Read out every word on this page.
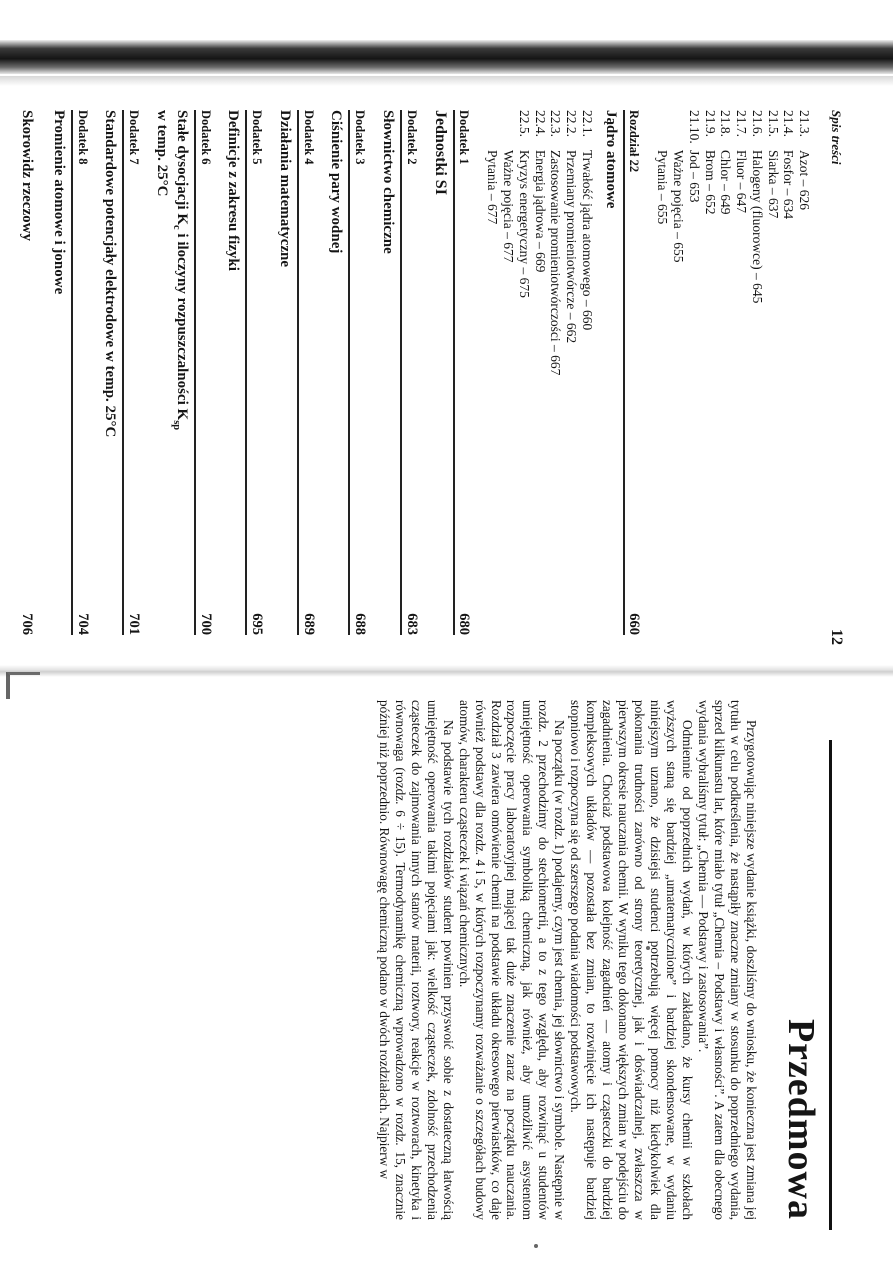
Spis treści
12
21.3.
Azot – 626
21.4.
Fosfor – 634
21.5.
Siarka – 637
21.6.
Halogeny (fluorowce) – 645
21.7.
Fluor – 647
21.8.
Chlor – 649
21.9.
Brom – 652
21.10.
Jod – 653
Ważne pojęcia – 655
Pytania – 655
Rozdział 22
660
Jądro atomowe
22.1.
Trwałość jądra atomowego – 660
22.2.
Przemiany promieniotwórcze – 662
22.3.
Zastosowanie promieniotwórczości – 667
22.4.
Energia jądrowa – 669
22.5.
Kryzys energetyczny – 675
Ważne pojęcia – 677
Pytania – 677
Dodatek 1
680
Jednostki SI
Dodatek 2
683
Słownictwo chemiczne
Dodatek 3
688
Ciśnienie pary wodnej
Dodatek 4
689
Działania matematyczne
Dodatek 5
695
Definicje z zakresu fizyki
Dodatek 6
700
Stałe dysocjacji $K_c$ i iloczyny rozpuszczalności $K_{sp}$
w temp. 25°C
Dodatek 7
701
Standardowe potencjały elektrodowe w temp. 25°C
Dodatek 8
704
Promienie atomowe i jonowe
Skorowidz rzeczowy
706
Przedmowa

Przygotowując niniejsze wydanie książki, doszliśmy do wniosku, że konieczna jest zmiana jej tytułu w celu podkreślenia, że nastąpiły znaczne zmiany w stosunku do poprzedniego wydania, sprzed kilkunastu lat, które miało tytuł „Chemia – Podstawy i własności”. A zatem dla obecnego wydania wybraliśmy tytuł: „Chemia — Podstawy i zastosowania”.

Odmiennie od poprzednich wydań, w których zakładano, że kursy chemii w szkołach wyższych staną się bardziej „umatematycznione” i bardziej skondensowane, w wydaniu niniejszym uznano, że dzisiejsi studenci potrzebują więcej pomocy niż kiedykolwiek dla pokonania trudności zarówno od strony teoretycznej, jak i doświadczalnej, zwłaszcza w pierwszym okresie nauczania chemii. W wyniku tego dokonano większych zmian w podejściu do zagadnienia. Chociaż podstawowa kolejność zagadnień — atomy i cząsteczki do bardziej kompleksowych układów — pozostała bez zmian, to rozwinięcie ich następuje bardziej stopniowo i rozpoczyna się od szerszego podania wiadomości podstawowych.

Na początku (w rozdz. 1) podajemy, czym jest chemia, jej słownictwo i symbole. Następnie w rozdz. 2 przechodzimy do stechiometrii, a to z tego względu, aby rozwinąć u studentów umiejętność operowania symboliką chemiczną, jak również, aby umożliwić asystentom rozpoczęcie pracy laboratoryjnej mającej tak duże znaczenie zaraz na początku nauczania. Rozdział 3 zawiera omówienie chemii na podstawie układu okresowego pierwiastków, co daje również podstawy dla rozdz. 4 i 5, w których rozpoczynamy rozważanie o szczegółach budowy atomów, charakteru cząsteczek i wiązań chemicznych.

Na podstawie tych rozdziałów student powinien przyswoić sobie z dostateczną łatwością umiejętność operowania takimi pojęciami jak: wielkość cząsteczek, zdolność przechodzenia cząsteczek do zajmowania innych stanów materii, roztwory, reakcje w roztworach, kinetyka i równowaga (rozdz. 6 ÷ 15). Termodynamikę chemiczną wprowadzono w rozdz. 15, znacznie później niż poprzednio. Równowagę chemiczną podano w dwóch rozdziałach. Najpierw w
